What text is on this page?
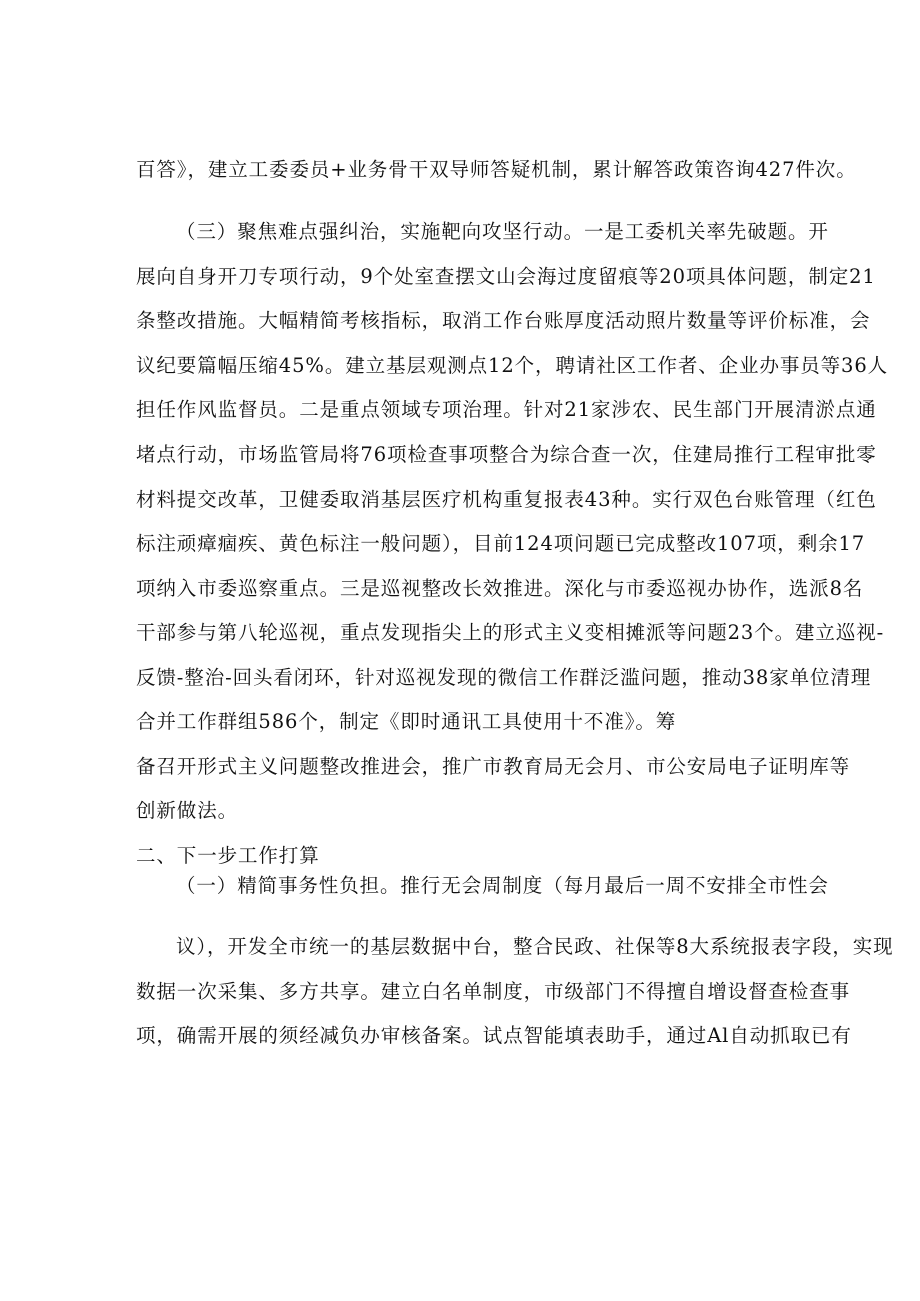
百答》，建立工委委员+业务骨干双导师答疑机制，累计解答政策咨询427件次。
（三）聚焦难点强纠治，实施靶向攻坚行动。一是工委机关率先破题。开
展向自身开刀专项行动，9个处室查摆文山会海过度留痕等20项具体问题，制定21
条整改措施。大幅精简考核指标，取消工作台账厚度活动照片数量等评价标准，会
议纪要篇幅压缩45%。建立基层观测点12个，聘请社区工作者、企业办事员等36人
担任作风监督员。二是重点领域专项治理。针对21家涉农、民生部门开展清淤点通
堵点行动，市场监管局将76项检查事项整合为综合查一次，住建局推行工程审批零
材料提交改革，卫健委取消基层医疗机构重复报表43种。实行双色台账管理（红色
标注顽瘴痼疾、黄色标注一般问题），目前124项问题已完成整改107项，剩余17
项纳入市委巡察重点。三是巡视整改长效推进。深化与市委巡视办协作，选派8名
干部参与第八轮巡视，重点发现指尖上的形式主义变相摊派等问题23个。建立巡视-
反馈-整治-回头看闭环，针对巡视发现的微信工作群泛滥问题，推动38家单位清理
合并工作群组586个，制定《即时通讯工具使用十不准》。筹
备召开形式主义问题整改推进会，推广市教育局无会月、市公安局电子证明库等
创新做法。
二、下一步工作打算
（一）精简事务性负担。推行无会周制度（每月最后一周不安排全市性会
议），开发全市统一的基层数据中台，整合民政、社保等8大系统报表字段，实现
数据一次采集、多方共享。建立白名单制度，市级部门不得擅自增设督查检查事
项，确需开展的须经减负办审核备案。试点智能填表助手，通过Al自动抓取已有
